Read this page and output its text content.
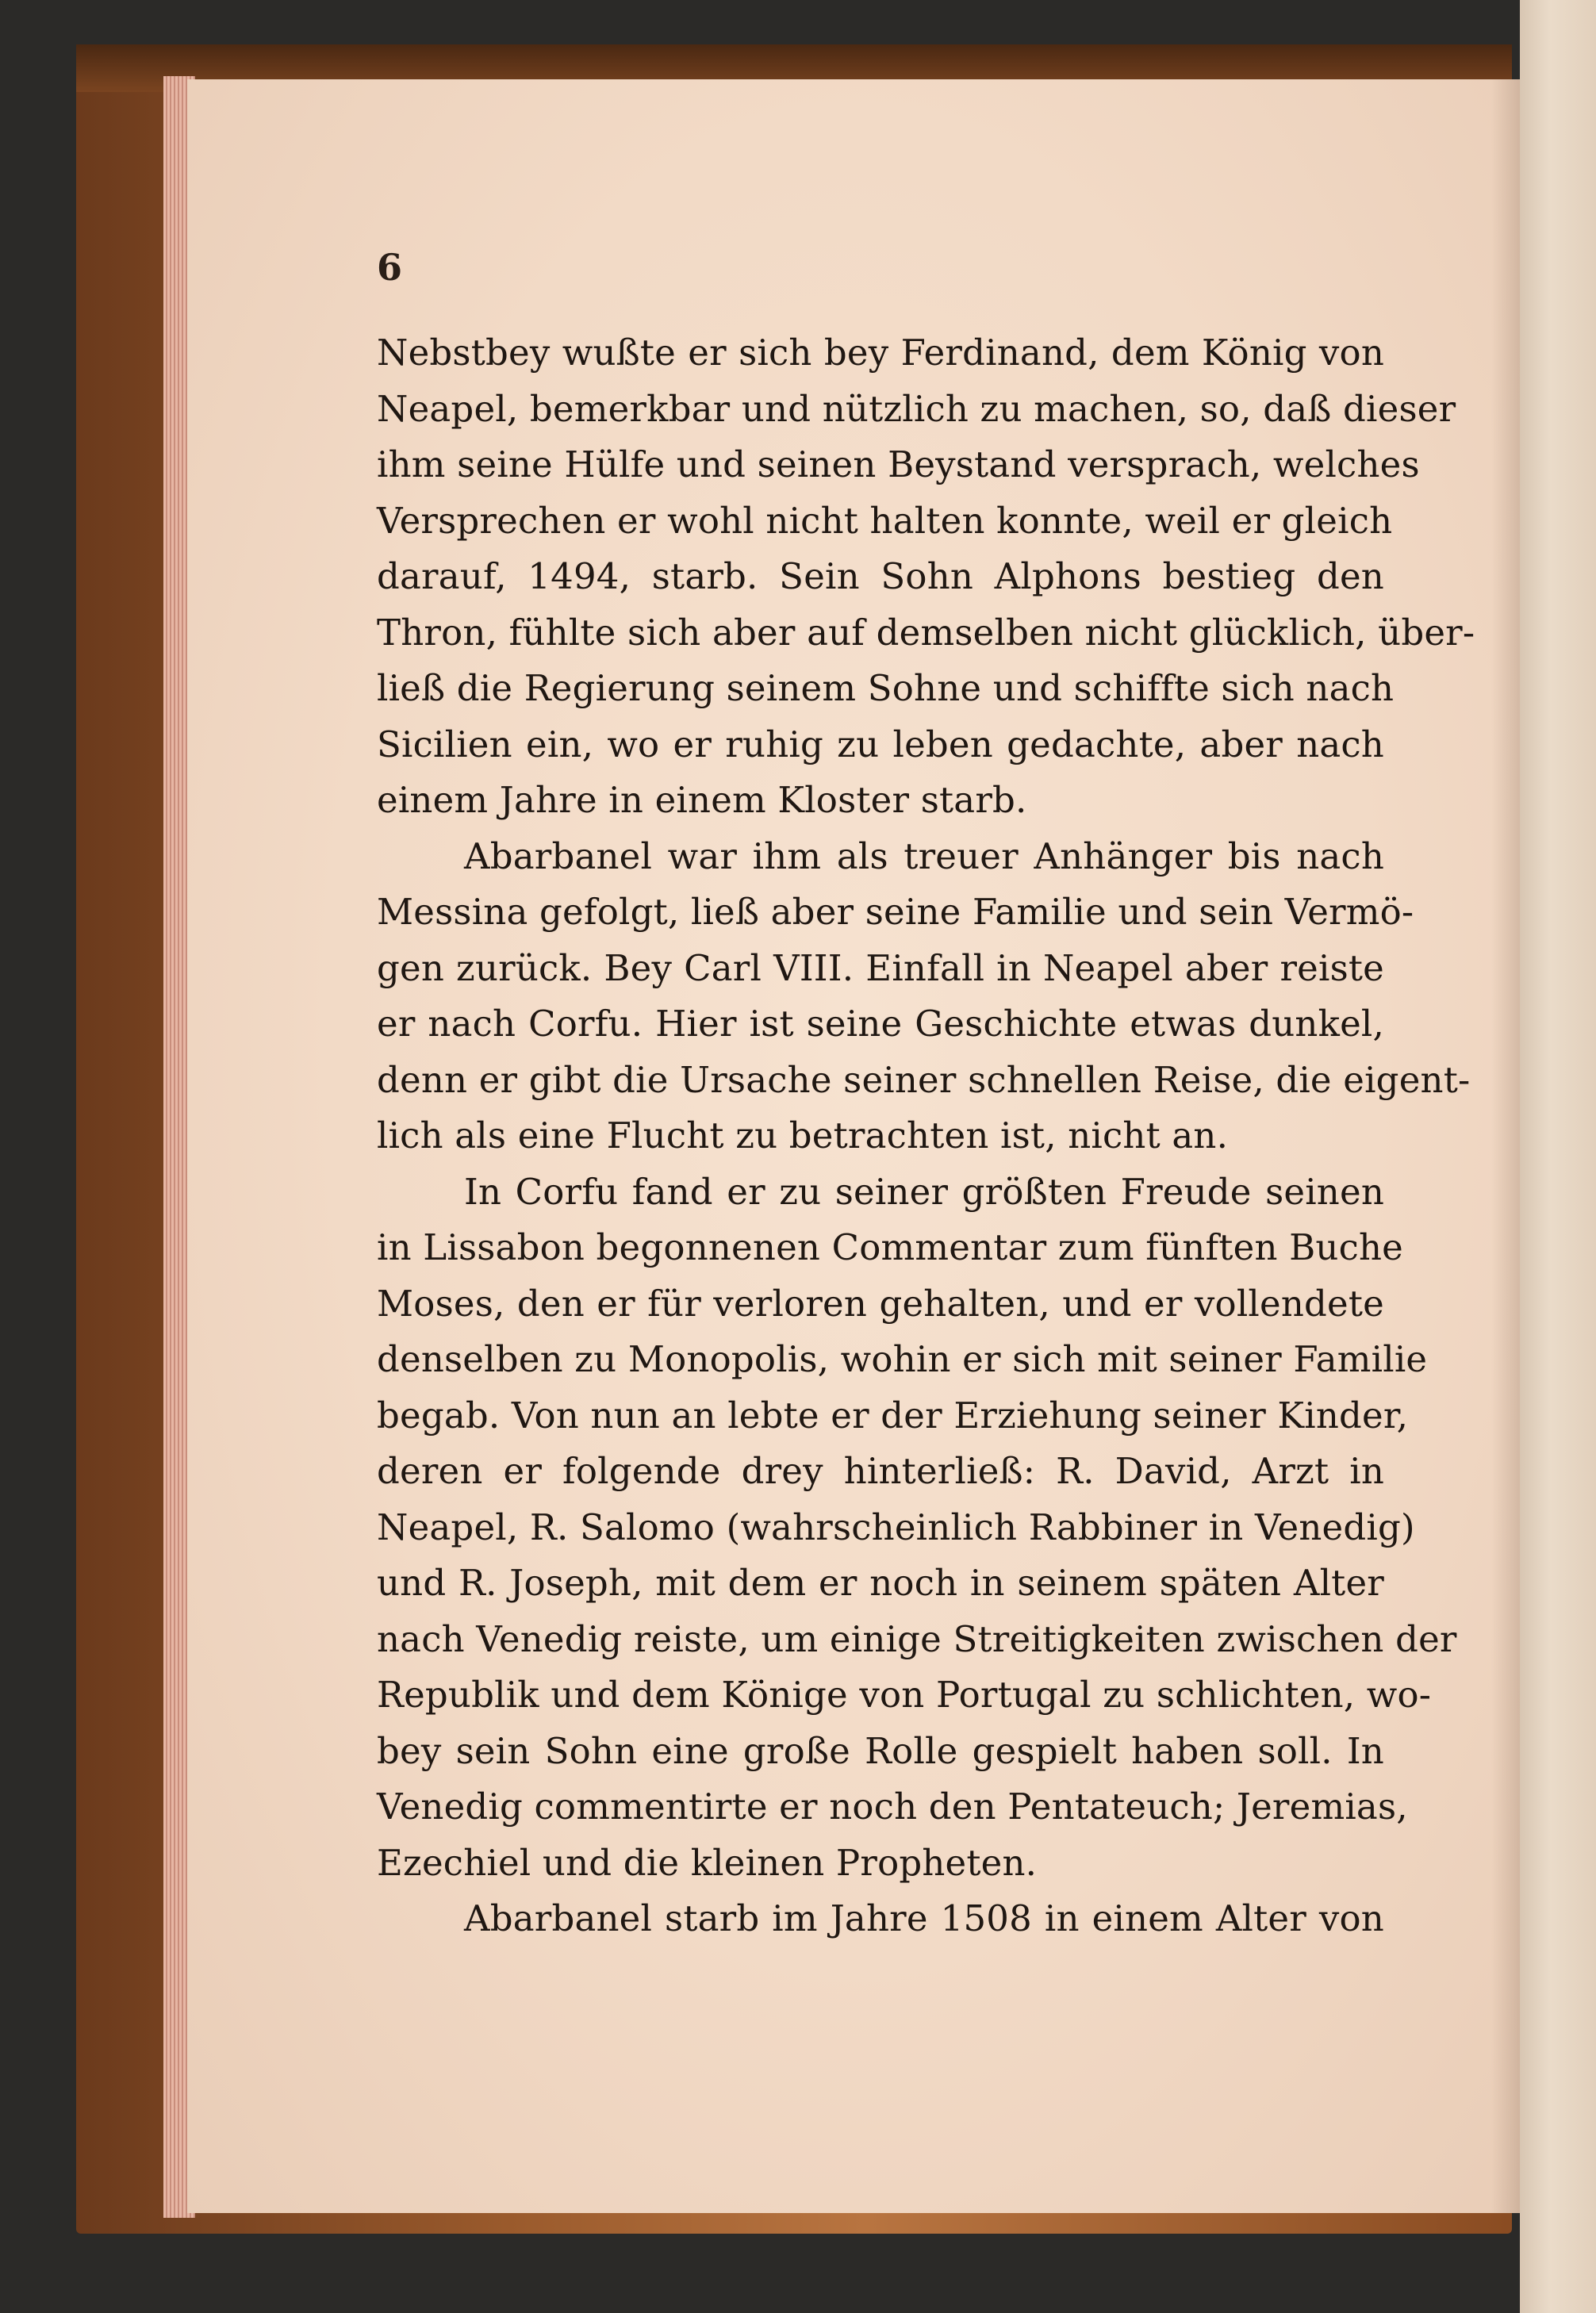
6
Nebstbey wußte er sich bey Ferdinand, dem König von
Neapel, bemerkbar und nützlich zu machen, so, daß dieser
ihm seine Hülfe und seinen Beystand versprach, welches
Versprechen er wohl nicht halten konnte, weil er gleich
darauf, 1494, starb. Sein Sohn Alphons bestieg den
Thron, fühlte sich aber auf demselben nicht glücklich, über-
ließ die Regierung seinem Sohne und schiffte sich nach
Sicilien ein, wo er ruhig zu leben gedachte, aber nach
einem Jahre in einem Kloster starb.
Abarbanel war ihm als treuer Anhänger bis nach
Messina gefolgt, ließ aber seine Familie und sein Vermö-
gen zurück. Bey Carl VIII. Einfall in Neapel aber reiste
er nach Corfu. Hier ist seine Geschichte etwas dunkel,
denn er gibt die Ursache seiner schnellen Reise, die eigent-
lich als eine Flucht zu betrachten ist, nicht an.
In Corfu fand er zu seiner größten Freude seinen
in Lissabon begonnenen Commentar zum fünften Buche
Moses, den er für verloren gehalten, und er vollendete
denselben zu Monopolis, wohin er sich mit seiner Familie
begab. Von nun an lebte er der Erziehung seiner Kinder,
deren er folgende drey hinterließ: R. David, Arzt in
Neapel, R. Salomo (wahrscheinlich Rabbiner in Venedig)
und R. Joseph, mit dem er noch in seinem späten Alter
nach Venedig reiste, um einige Streitigkeiten zwischen der
Republik und dem Könige von Portugal zu schlichten, wo-
bey sein Sohn eine große Rolle gespielt haben soll. In
Venedig commentirte er noch den Pentateuch; Jeremias,
Ezechiel und die kleinen Propheten.
Abarbanel starb im Jahre 1508 in einem Alter von
